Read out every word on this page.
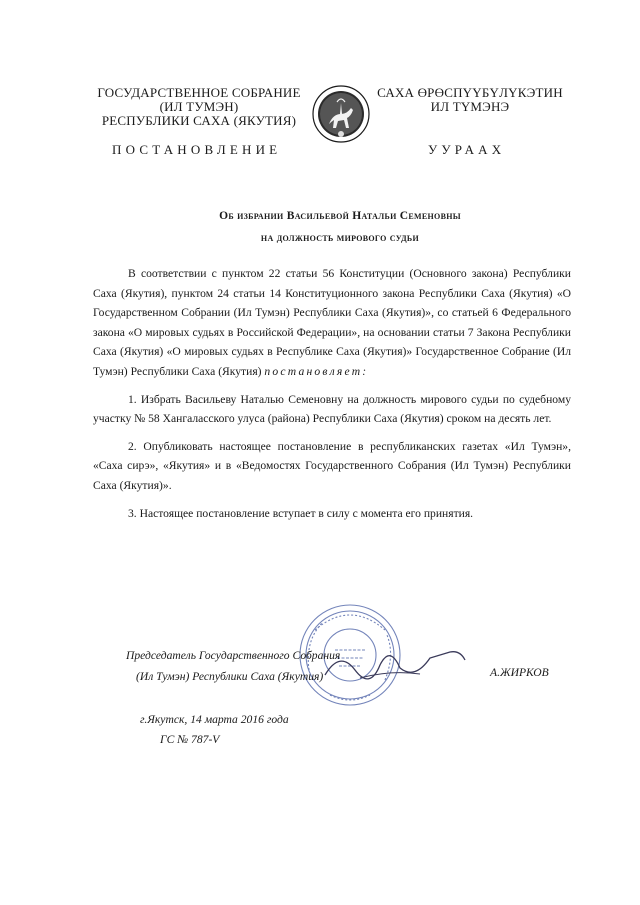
ГОСУДАРСТВЕННОЕ СОБРАНИЕ
(ИЛ ТУМЭН)
РЕСПУБЛИКИ САХА (ЯКУТИЯ)
САХА ӨРӨСПҮҮБҮЛҮКЭТИН
ИЛ ТҮМЭНЭ
ПОСТАНОВЛЕНИЕ	УУРААХ
Об избрании Васильевой Натальи Семеновны
на должность мирового судьи

В соответствии с пунктом 22 статьи 56 Конституции (Основного закона) Республики Саха (Якутия), пунктом 24 статьи 14 Конституционного закона Республики Саха (Якутия) «О Государственном Собрании (Ил Тумэн) Республики Саха (Якутия)», со статьей 6 Федерального закона «О мировых судьях в Российской Федерации», на основании статьи 7 Закона Республики Саха (Якутия) «О мировых судьях в Республике Саха (Якутия)» Государственное Собрание (Ил Тумэн) Республики Саха (Якутия) постановляет:

1. Избрать Васильеву Наталью Семеновну на должность мирового судьи по судебному участку № 58 Хангаласского улуса (района) Республики Саха (Якутия) сроком на десять лет.

2. Опубликовать настоящее постановление в республиканских газетах «Ил Тумэн», «Саха сирэ», «Якутия» и в «Ведомостях Государственного Собрания (Ил Тумэн) Республики Саха (Якутия)».

3. Настоящее постановление вступает в силу с момента его принятия.

Председатель Государственного Собрания
(Ил Тумэн) Республики Саха (Якутия)	А.ЖИРКОВ
г.Якутск, 14 марта 2016 года
ГС № 787-V
